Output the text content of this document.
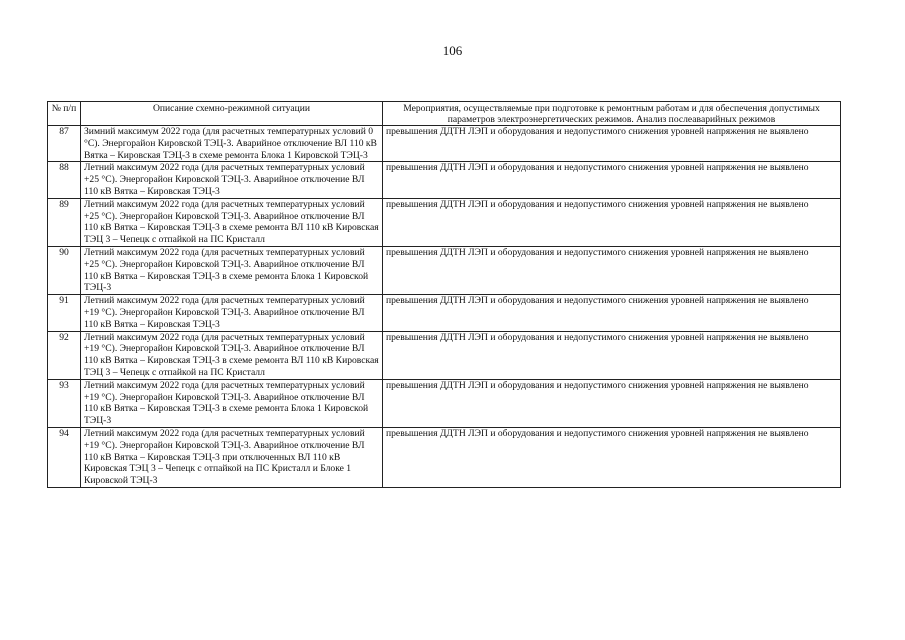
106
№ п/п	Описание схемно-режимной ситуации	Мероприятия, осуществляемые при подготовке к ремонтным работам и для обеспечения допустимых параметров электроэнергетических режимов. Анализ послеаварийных режимов
87	Зимний максимум 2022 года (для расчетных температурных условий 0 °С). Энергорайон Кировской ТЭЦ-3. Аварийное отключение ВЛ 110 кВ Вятка – Кировская ТЭЦ-3 в схеме ремонта Блока 1 Кировской ТЭЦ-3	превышения ДДТН ЛЭП и оборудования и недопустимого снижения уровней напряжения не выявлено
88	Летний максимум 2022 года (для расчетных температурных условий +25 °С). Энергорайон Кировской ТЭЦ-3. Аварийное отключение ВЛ 110 кВ Вятка – Кировская ТЭЦ-3	превышения ДДТН ЛЭП и оборудования и недопустимого снижения уровней напряжения не выявлено
89	Летний максимум 2022 года (для расчетных температурных условий +25 °С). Энергорайон Кировской ТЭЦ-3. Аварийное отключение ВЛ 110 кВ Вятка – Кировская ТЭЦ-3 в схеме ремонта ВЛ 110 кВ Кировская ТЭЦ 3 – Чепецк с отпайкой на ПС Кристалл	превышения ДДТН ЛЭП и оборудования и недопустимого снижения уровней напряжения не выявлено
90	Летний максимум 2022 года (для расчетных температурных условий +25 °С). Энергорайон Кировской ТЭЦ-3. Аварийное отключение ВЛ 110 кВ Вятка – Кировская ТЭЦ-3 в схеме ремонта Блока 1 Кировской ТЭЦ-3	превышения ДДТН ЛЭП и оборудования и недопустимого снижения уровней напряжения не выявлено
91	Летний максимум 2022 года (для расчетных температурных условий +19 °С). Энергорайон Кировской ТЭЦ-3. Аварийное отключение ВЛ 110 кВ Вятка – Кировская ТЭЦ-3	превышения ДДТН ЛЭП и оборудования и недопустимого снижения уровней напряжения не выявлено
92	Летний максимум 2022 года (для расчетных температурных условий +19 °С). Энергорайон Кировской ТЭЦ-3. Аварийное отключение ВЛ 110 кВ Вятка – Кировская ТЭЦ-3 в схеме ремонта ВЛ 110 кВ Кировская ТЭЦ 3 – Чепецк с отпайкой на ПС Кристалл	превышения ДДТН ЛЭП и оборудования и недопустимого снижения уровней напряжения не выявлено
93	Летний максимум 2022 года (для расчетных температурных условий +19 °С). Энергорайон Кировской ТЭЦ-3. Аварийное отключение ВЛ 110 кВ Вятка – Кировская ТЭЦ-3 в схеме ремонта Блока 1 Кировской ТЭЦ-3	превышения ДДТН ЛЭП и оборудования и недопустимого снижения уровней напряжения не выявлено
94	Летний максимум 2022 года (для расчетных температурных условий +19 °С). Энергорайон Кировской ТЭЦ-3. Аварийное отключение ВЛ 110 кВ Вятка – Кировская ТЭЦ-3 при отключенных ВЛ 110 кВ Кировская ТЭЦ 3 – Чепецк с отпайкой на ПС Кристалл и Блоке 1 Кировской ТЭЦ-3	превышения ДДТН ЛЭП и оборудования и недопустимого снижения уровней напряжения не выявлено
